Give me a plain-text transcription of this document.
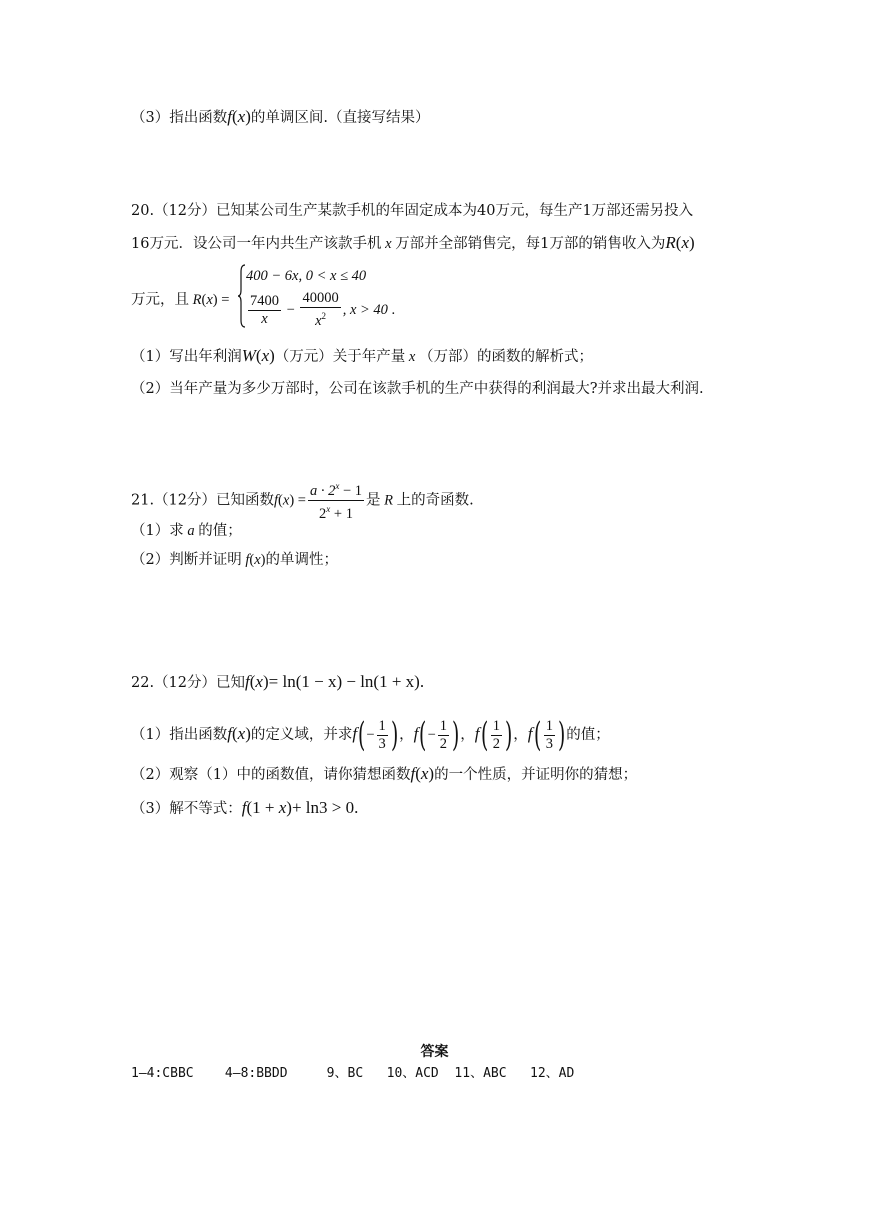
（3）指出函数f(x)的单调区间.（直接写结果）
20.（12分）已知某公司生产某款手机的年固定成本为40万元，每生产1万部还需另投入
16万元．设公司一年内共生产该款手机 x 万部并全部销售完，每1万部的销售收入为R(x)
万元，且 R(x) =
400 − 6x, 0 < x ≤ 40
$\frac{7400}{x} - \frac{40000}{x^2}$ , x > 40 .
（1）写出年利润W(x)（万元）关于年产量 x （万部）的函数的解析式；
（2）当年产量为多少万部时，公司在该款手机的生产中获得的利润最大?并求出最大利润.
21.（12分）已知函数$f(x) = \frac{a \cdot 2^x - 1}{2^x + 1}$ 是 R 上的奇函数.
（1）求 a 的值；
（2）判断并证明 f(x)的单调性；
22.（12分）已知f(x)= ln(1 − x) − ln(1 + x).
（1）指出函数f(x)的定义域，并求$f(- \frac{1}{3}$ )，$f(- \frac{1}{2}$ )，$f( \frac{1}{2}$ )，$f( \frac{1}{3}$ )的值；
（2）观察（1）中的函数值，请你猜想函数f(x)的一个性质，并证明你的猜想；
（3）解不等式：f(1 + x)+ ln3 > 0.
答案
1—4:CBBC    4—8:BBDD     9、BC   10、ACD  11、ABC   12、AD
